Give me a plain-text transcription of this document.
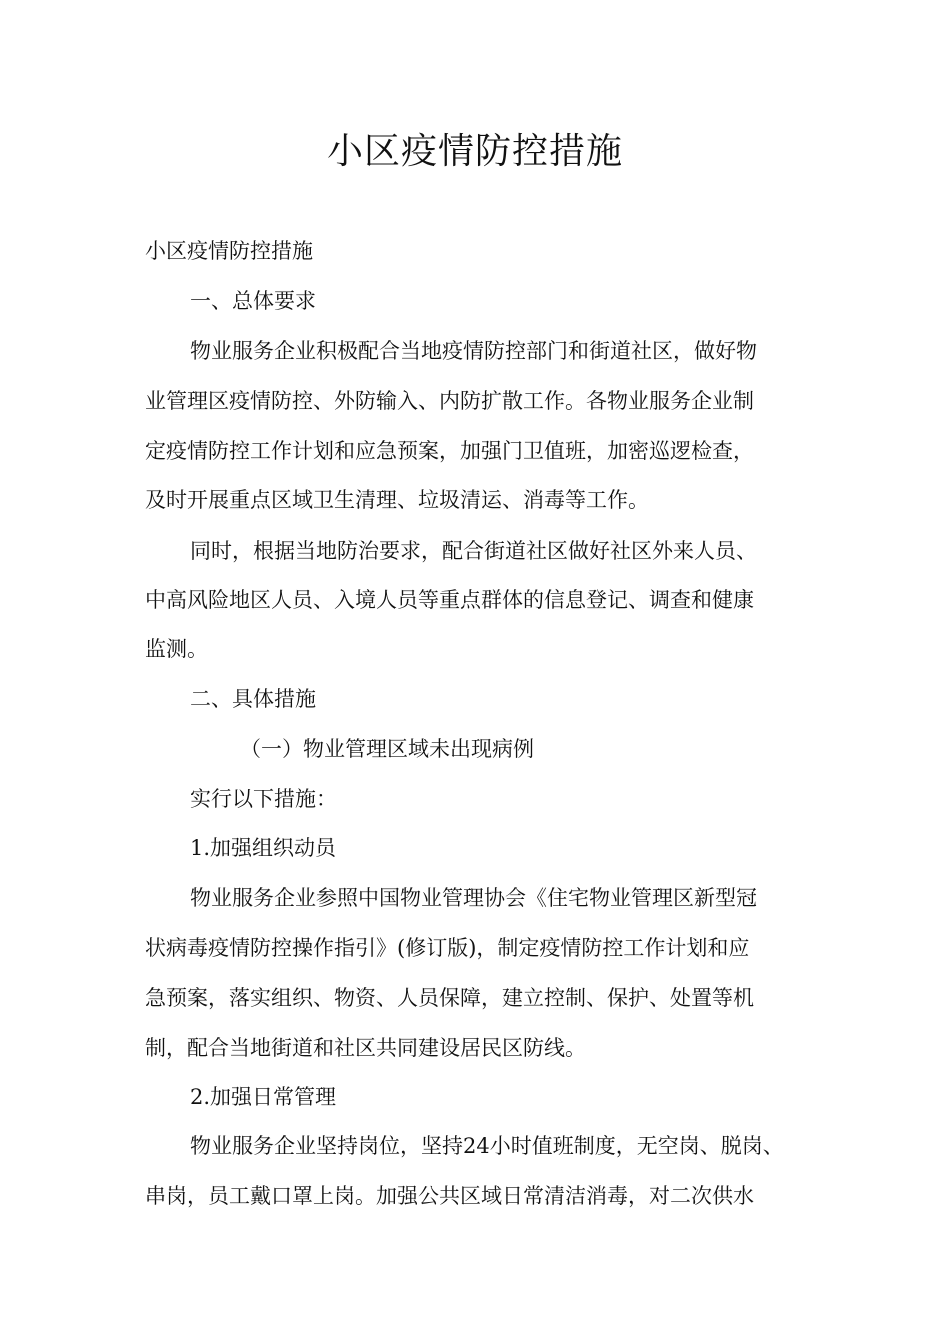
小区疫情防控措施

小区疫情防控措施

一、总体要求

物业服务企业积极配合当地疫情防控部门和街道社区，做好物

业管理区疫情防控、外防输入、内防扩散工作。各物业服务企业制

定疫情防控工作计划和应急预案，加强门卫值班，加密巡逻检查，

及时开展重点区域卫生清理、垃圾清运、消毒等工作。

同时，根据当地防治要求，配合街道社区做好社区外来人员、

中高风险地区人员、入境人员等重点群体的信息登记、调查和健康

监测。

二、具体措施

（一）物业管理区域未出现病例

实行以下措施：

1.加强组织动员

物业服务企业参照中国物业管理协会《住宅物业管理区新型冠

状病毒疫情防控操作指引》(修订版)，制定疫情防控工作计划和应

急预案，落实组织、物资、人员保障，建立控制、保护、处置等机

制，配合当地街道和社区共同建设居民区防线。

2.加强日常管理

物业服务企业坚持岗位，坚持24小时值班制度，无空岗、脱岗、

串岗，员工戴口罩上岗。加强公共区域日常清洁消毒，对二次供水
